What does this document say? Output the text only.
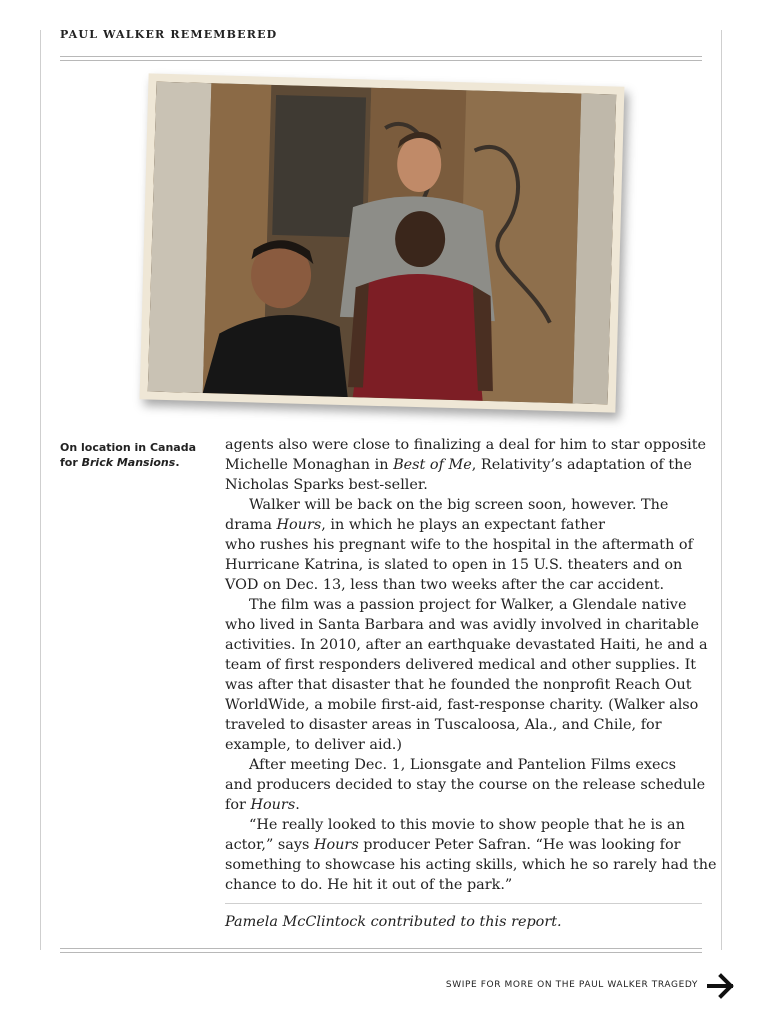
PAUL WALKER REMEMBERED
On location in Canada for Brick Mansions.

agents also were close to finalizing a deal for him to star opposite
Michelle Monaghan in Best of Me, Relativity’s adaptation of the
Nicholas Sparks best-seller.

Walker will be back on the big screen soon, however. The
drama Hours, in which he plays an expectant father
who rushes his pregnant wife to the hospital in the aftermath of
Hurricane Katrina, is slated to open in 15 U.S. theaters and on
VOD on Dec. 13, less than two weeks after the car accident.

The film was a passion project for Walker, a Glendale native
who lived in Santa Barbara and was avidly involved in charitable
activities. In 2010, after an earthquake devastated Haiti, he and a
team of first responders delivered medical and other supplies. It
was after that disaster that he founded the nonprofit Reach Out
WorldWide, a mobile first-aid, fast-response charity. (Walker also
traveled to disaster areas in Tuscaloosa, Ala., and Chile, for
example, to deliver aid.)

After meeting Dec. 1, Lionsgate and Pantelion Films execs
and producers decided to stay the course on the release schedule
for Hours.

“He really looked to this movie to show people that he is an
actor,” says Hours producer Peter Safran. “He was looking for
something to showcase his acting skills, which he so rarely had the
chance to do. He hit it out of the park.”

Pamela McClintock contributed to this report.
SWIPE FOR MORE ON THE PAUL WALKER TRAGEDY
